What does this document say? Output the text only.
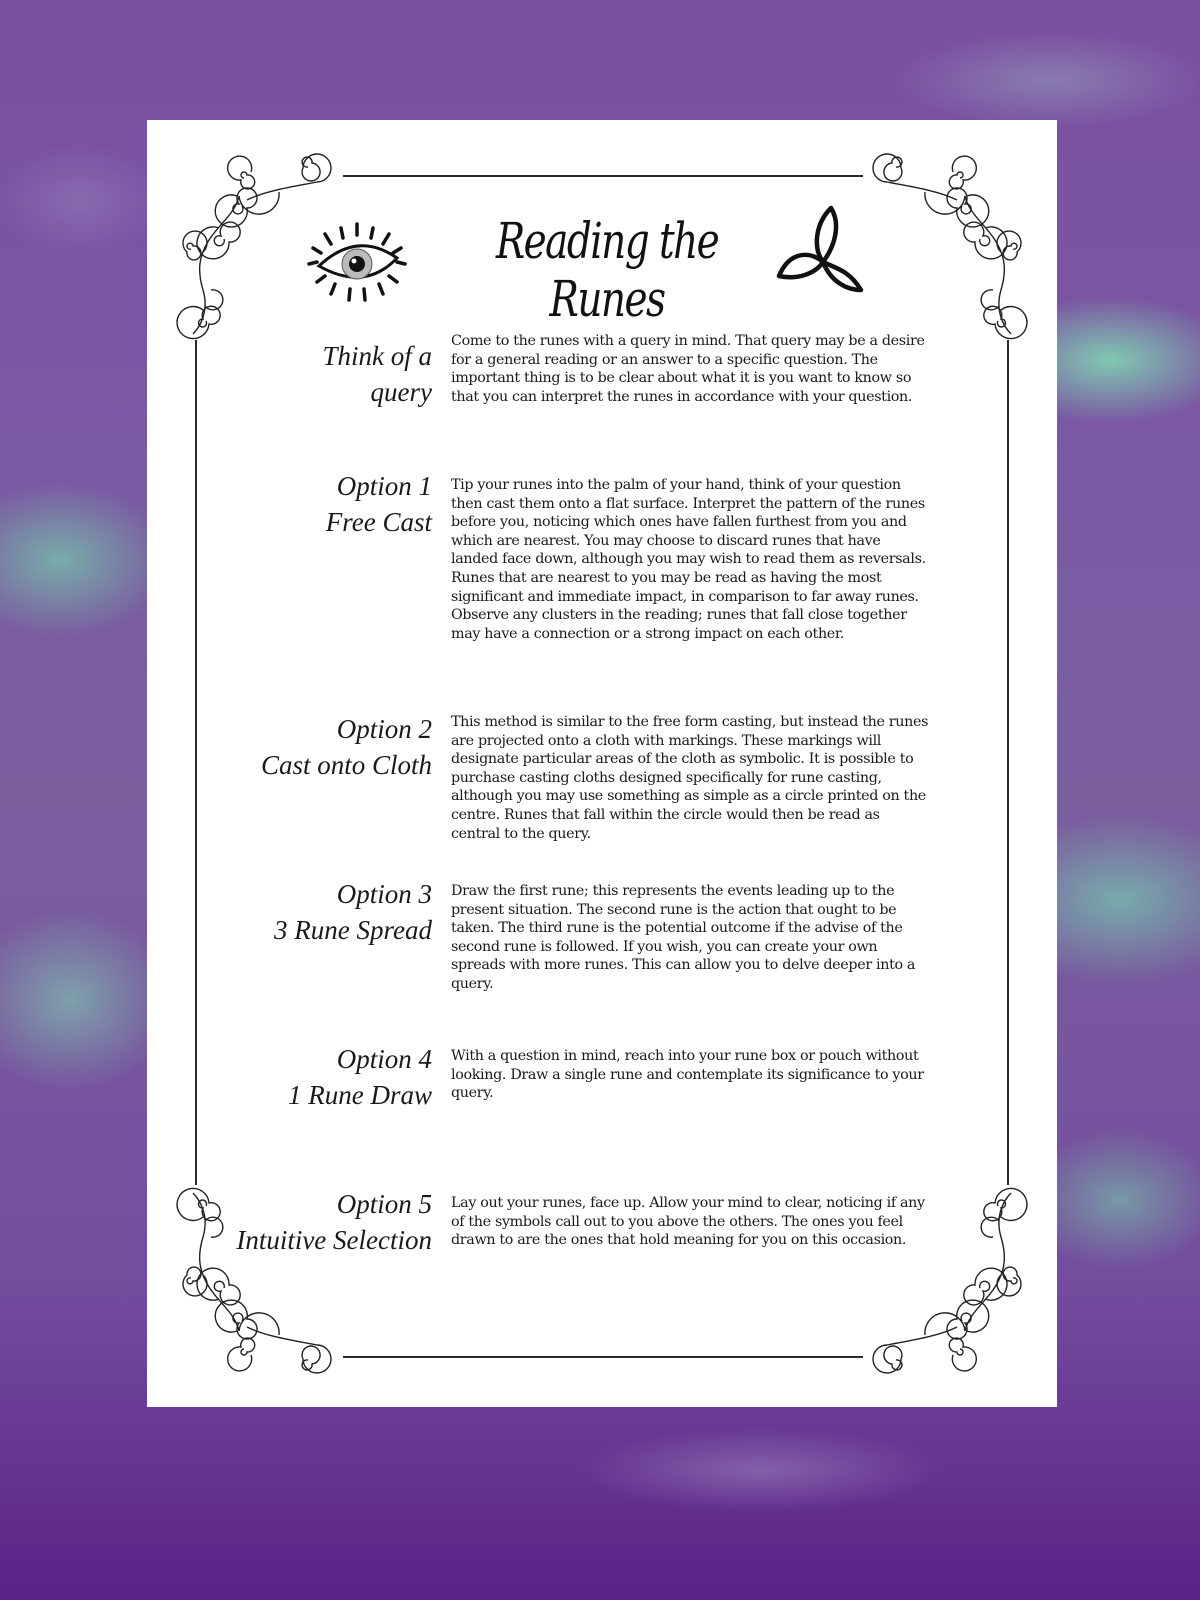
Reading the Runes
Think of a
query
Come to the runes with a query in mind. That query may be a desire for a general reading or an answer to a specific question. The important thing is to be clear about what it is you want to know so that you can interpret the runes in accordance with your question.
Option 1
Free Cast
Tip your runes into the palm of your hand, think of your question then cast them onto a flat surface. Interpret the pattern of the runes before you, noticing which ones have fallen furthest from you and which are nearest. You may choose to discard runes that have landed face down, although you may wish to read them as reversals. Runes that are nearest to you may be read as having the most significant and immediate impact, in comparison to far away runes. Observe any clusters in the reading; runes that fall close together may have a connection or a strong impact on each other.
Option 2
Cast onto Cloth
This method is similar to the free form casting, but instead the runes are projected onto a cloth with markings. These markings will designate particular areas of the cloth as symbolic. It is possible to purchase casting cloths designed specifically for rune casting, although you may use something as simple as a circle printed on the centre. Runes that fall within the circle would then be read as central to the query.
Option 3
3 Rune Spread
Draw the first rune; this represents the events leading up to the present situation. The second rune is the action that ought to be taken. The third rune is the potential outcome if the advise of the second rune is followed. If you wish, you can create your own spreads with more runes. This can allow you to delve deeper into a query.
Option 4
1 Rune Draw
With a question in mind, reach into your rune box or pouch without looking. Draw a single rune and contemplate its significance to your query.
Option 5
Intuitive Selection
Lay out your runes, face up. Allow your mind to clear, noticing if any of the symbols call out to you above the others. The ones you feel drawn to are the ones that hold meaning for you on this occasion.
